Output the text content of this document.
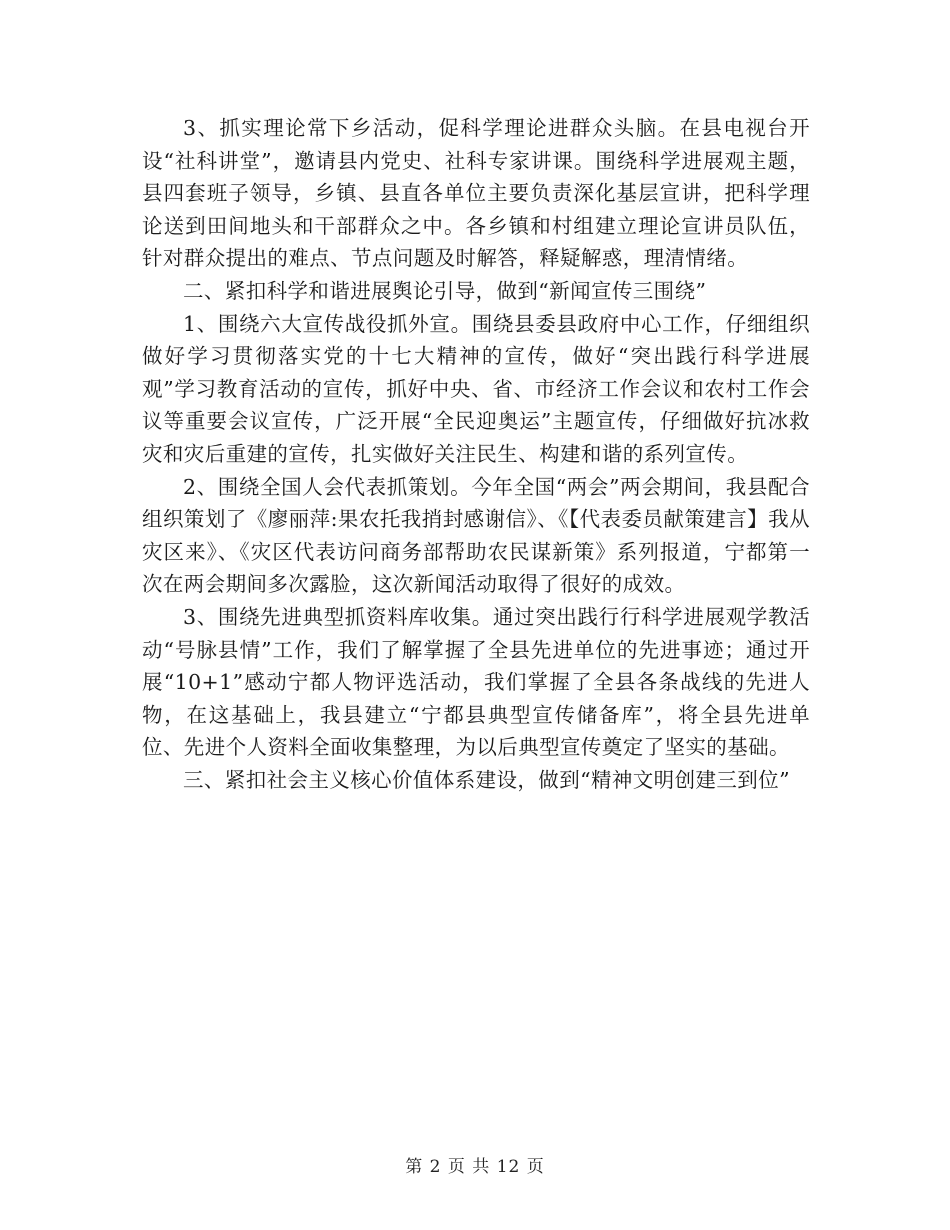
3、抓实理论常下乡活动，促科学理论进群众头脑。在县电视台开设“社科讲堂”，邀请县内党史、社科专家讲课。围绕科学进展观主题，县四套班子领导，乡镇、县直各单位主要负责深化基层宣讲，把科学理论送到田间地头和干部群众之中。各乡镇和村组建立理论宣讲员队伍，针对群众提出的难点、节点问题及时解答，释疑解惑，理清情绪。

二、紧扣科学和谐进展舆论引导，做到“新闻宣传三围绕”

1、围绕六大宣传战役抓外宣。围绕县委县政府中心工作，仔细组织做好学习贯彻落实党的十七大精神的宣传，做好“突出践行科学进展观”学习教育活动的宣传，抓好中央、省、市经济工作会议和农村工作会议等重要会议宣传，广泛开展“全民迎奥运”主题宣传，仔细做好抗冰救灾和灾后重建的宣传，扎实做好关注民生、构建和谐的系列宣传。

2、围绕全国人会代表抓策划。今年全国“两会”两会期间，我县配合组织策划了《廖丽萍:果农托我捎封感谢信》、《【代表委员献策建言】我从灾区来》、《灾区代表访问商务部帮助农民谋新策》系列报道，宁都第一次在两会期间多次露脸，这次新闻活动取得了很好的成效。

3、围绕先进典型抓资料库收集。通过突出践行行科学进展观学教活动“号脉县情”工作，我们了解掌握了全县先进单位的先进事迹；通过开展“10+1”感动宁都人物评选活动，我们掌握了全县各条战线的先进人物，在这基础上，我县建立“宁都县典型宣传储备库”，将全县先进单位、先进个人资料全面收集整理，为以后典型宣传奠定了坚实的基础。

三、紧扣社会主义核心价值体系建设，做到“精神文明创建三到位”

第 2 页 共 12 页
